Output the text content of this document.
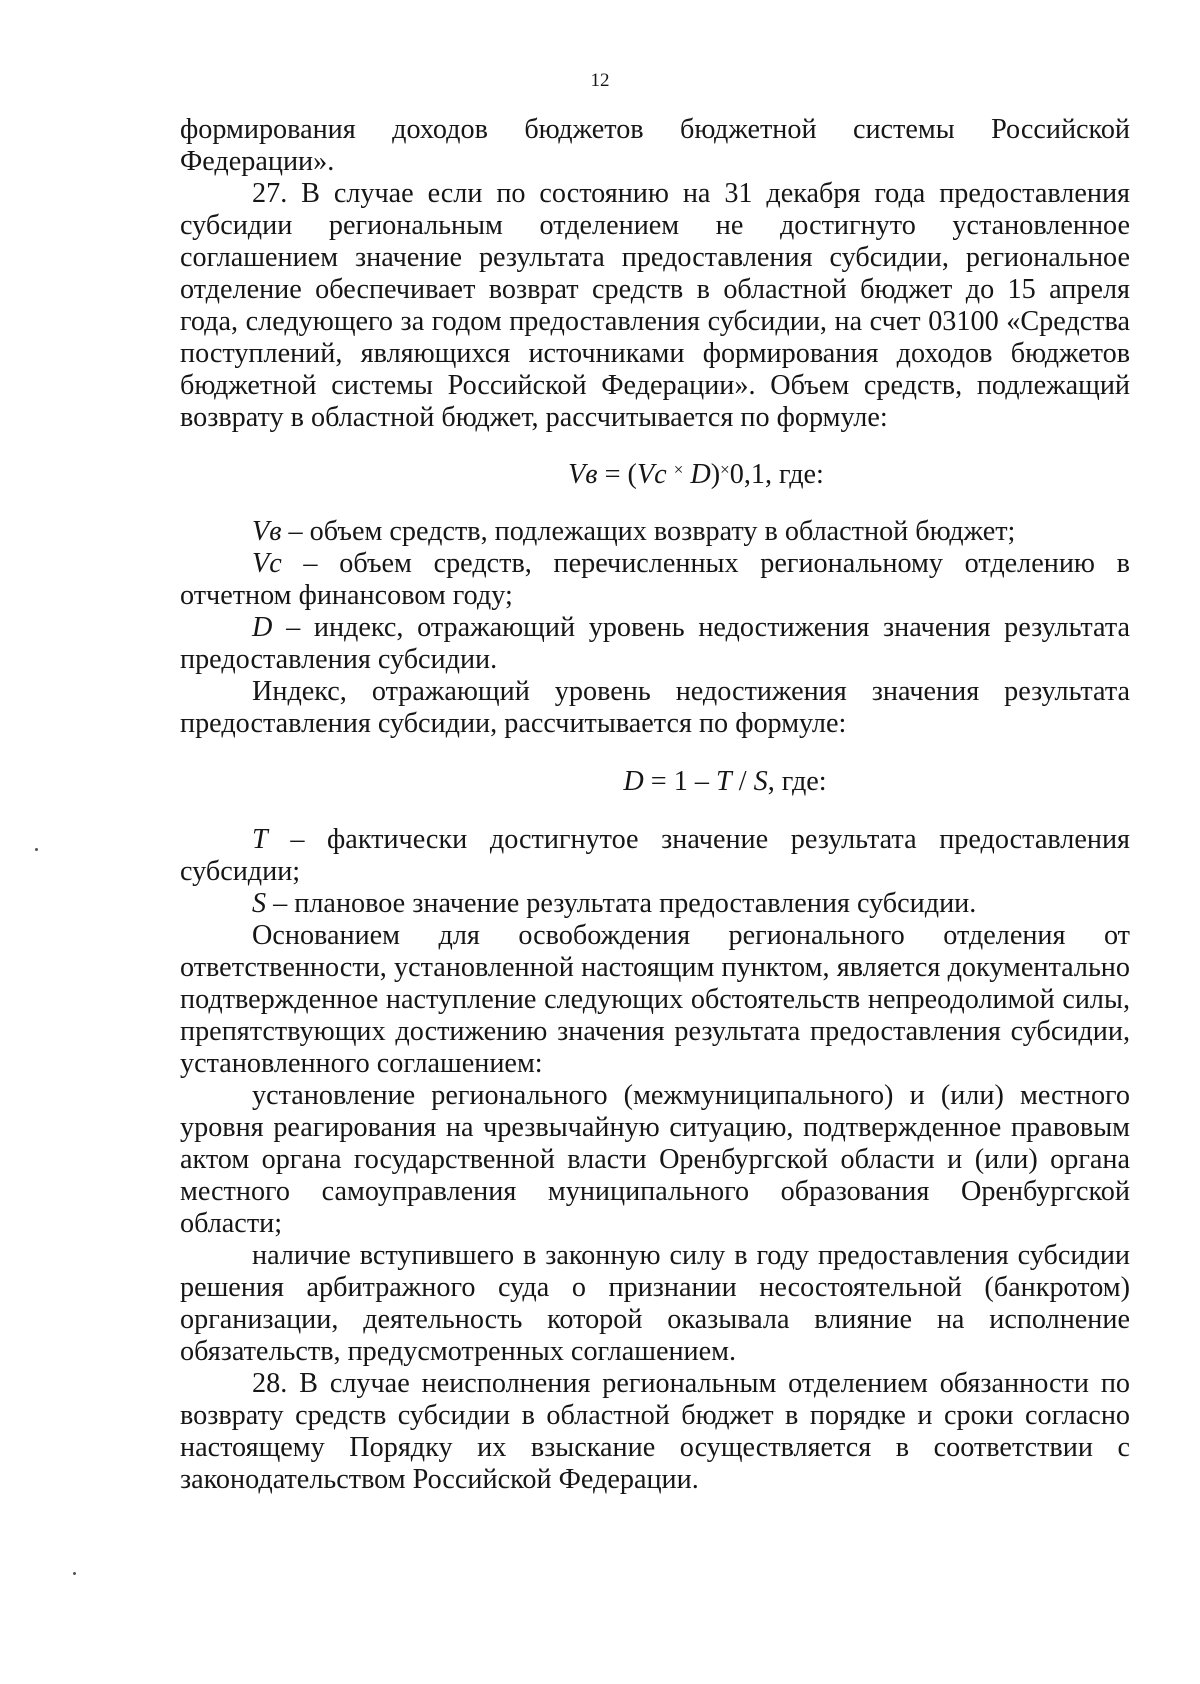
12

формирования доходов бюджетов бюджетной системы Российской Федерации».

27. В случае если по состоянию на 31 декабря года предоставления субсидии региональным отделением не достигнуто установленное соглашением значение результата предоставления субсидии, региональное отделение обеспечивает возврат средств в областной бюджет до 15 апреля года, следующего за годом предоставления субсидии, на счет 03100 «Средства поступлений, являющихся источниками формирования доходов бюджетов бюджетной системы Российской Федерации». Объем средств, подлежащий возврату в областной бюджет, рассчитывается по формуле:

Vв = (Vc × D)×0,1, где:

Vв – объем средств, подлежащих возврату в областной бюджет;

Vc – объем средств, перечисленных региональному отделению в отчетном финансовом году;

D – индекс, отражающий уровень недостижения значения результата предоставления субсидии.

Индекс, отражающий уровень недостижения значения результата предоставления субсидии, рассчитывается по формуле:

D = 1 – T / S, где:

T – фактически достигнутое значение результата предоставления субсидии;

S – плановое значение результата предоставления субсидии.

Основанием для освобождения регионального отделения от ответственности, установленной настоящим пунктом, является документально подтвержденное наступление следующих обстоятельств непреодолимой силы, препятствующих достижению значения результата предоставления субсидии, установленного соглашением:

установление регионального (межмуниципального) и (или) местного уровня реагирования на чрезвычайную ситуацию, подтвержденное правовым актом органа государственной власти Оренбургской области и (или) органа местного самоуправления муниципального образования Оренбургской области;

наличие вступившего в законную силу в году предоставления субсидии решения арбитражного суда о признании несостоятельной (банкротом) организации, деятельность которой оказывала влияние на исполнение обязательств, предусмотренных соглашением.

28. В случае неисполнения региональным отделением обязанности по возврату средств субсидии в областной бюджет в порядке и сроки согласно настоящему Порядку их взыскание осуществляется в соответствии с законодательством Российской Федерации.
